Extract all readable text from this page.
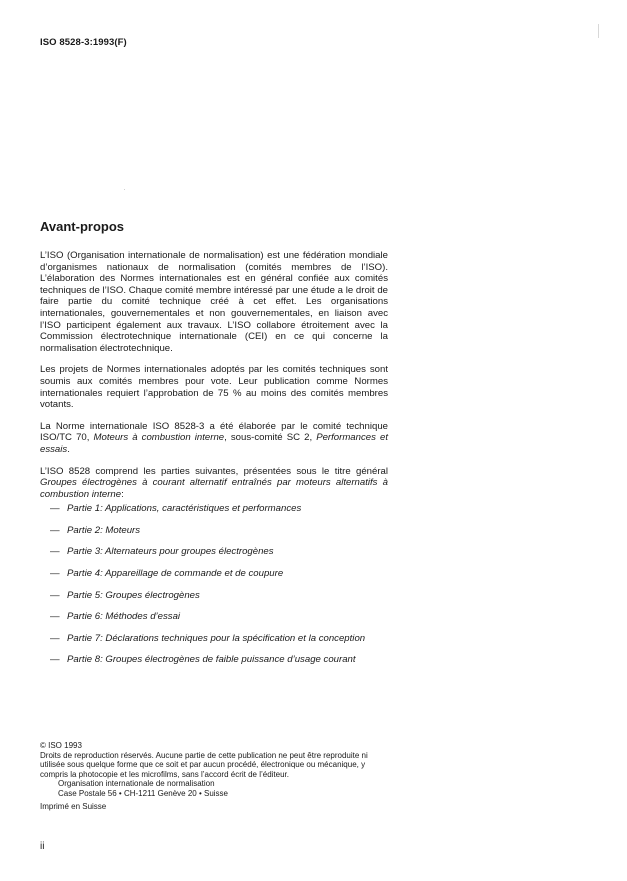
ISO 8528-3:1993(F)
Avant-propos

L’ISO (Organisation internationale de normalisation) est une fédération mondiale d’organismes nationaux de normalisation (comités membres de l’ISO). L’élaboration des Normes internationales est en général confiée aux comités techniques de l’ISO. Chaque comité membre intéressé par une étude a le droit de faire partie du comité technique créé à cet effet. Les organisations internationales, gouvernementales et non gouvernementales, en liaison avec l’ISO participent également aux travaux. L’ISO collabore étroitement avec la Commission électrotechnique internationale (CEI) en ce qui concerne la normalisation électrotechnique.

Les projets de Normes internationales adoptés par les comités techniques sont soumis aux comités membres pour vote. Leur publication comme Normes internationales requiert l’approbation de 75 % au moins des comités membres votants.

La Norme internationale ISO 8528-3 a été élaborée par le comité technique ISO/TC 70, Moteurs à combustion interne, sous-comité SC 2, Performances et essais.

L’ISO 8528 comprend les parties suivantes, présentées sous le titre général Groupes électrogènes à courant alternatif entraînés par moteurs alternatifs à combustion interne:

— Partie 1: Applications, caractéristiques et performances
— Partie 2: Moteurs
— Partie 3: Alternateurs pour groupes électrogènes
— Partie 4: Appareillage de commande et de coupure
— Partie 5: Groupes électrogènes
— Partie 6: Méthodes d’essai
— Partie 7: Déclarations techniques pour la spécification et la conception
— Partie 8: Groupes électrogènes de faible puissance d’usage courant
© ISO 1993
Droits de reproduction réservés. Aucune partie de cette publication ne peut être reproduite ni utilisée sous quelque forme que ce soit et par aucun procédé, électronique ou mécanique, y compris la photocopie et les microfilms, sans l’accord écrit de l’éditeur.
Organisation internationale de normalisation
Case Postale 56 • CH-1211 Genève 20 • Suisse
Imprimé en Suisse
ii
